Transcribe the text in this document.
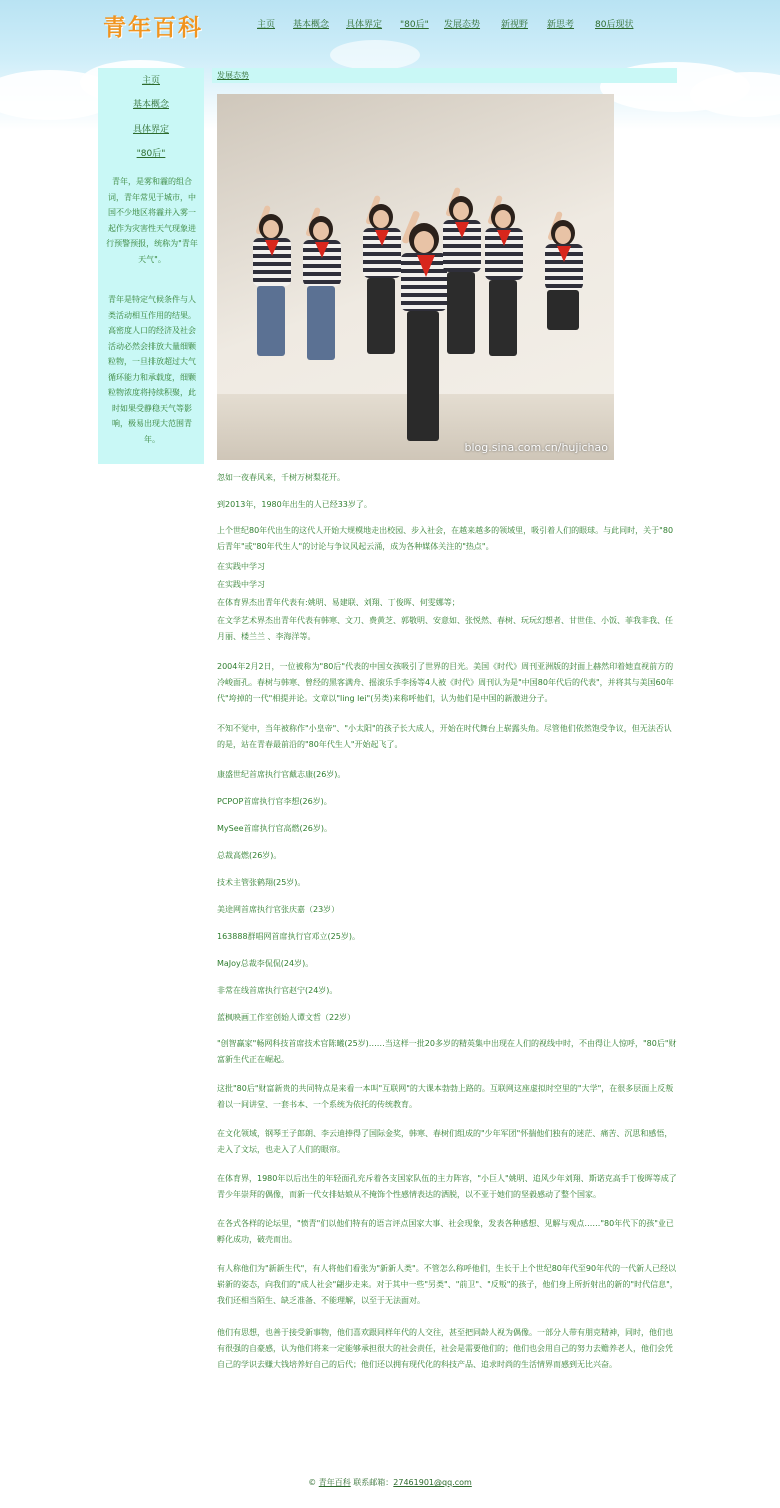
青年百科	主页 基本概念 具体界定 "80后" 发展态势 新视野 新思考 80后现状
主页
基本概念
具体界定
"80后"

青年，是雾和霾的组合词，青年常见于城市，中国不少地区将霾并入雾一起作为灾害性天气现象进行预警预报，统称为"青年天气"。

青年是特定气候条件与人类活动相互作用的结果。高密度人口的经济及社会活动必然会排放大量细颗粒物，一旦排放超过大气循环能力和承载度，细颗粒物浓度将持续积聚，此时如果受静稳天气等影响，极易出现大范围青年。

发展态势
blog.sina.com.cn/hujichao

忽如一夜春风来，千树万树梨花开。

到2013年，1980年出生的人已经33岁了。

上个世纪80年代出生的这代人开始大规模地走出校园、步入社会，在越来越多的领域里，吸引着人们的眼球。与此同时，关于"80后青年"或"80年代生人"的讨论与争议风起云涌，成为各种媒体关注的"热点"。

在实践中学习

在实践中学习

在体育界杰出青年代表有:姚明、易建联、刘翔、丁俊晖、何雯娜等；

在文学艺术界杰出青年代表有韩寒、文刀、费黄芝、郭敬明、安意如、张悦然、春树、玩玩幻想者、甘世佳、小饭、菲我非我、任月丽、楼兰兰 、李海洋等。

2004年2月2日，一位被称为"80后"代表的中国女孩吸引了世界的目光。美国《时代》周刊亚洲版的封面上赫然印着她直视前方的冷峻面孔。春树与韩寒、曾经的黑客满舟、摇滚乐手李扬等4人被《时代》周刊认为是"中国80年代后的代表"，并将其与美国60年代"垮掉的一代"相提并论。文章以"ling lei"(另类)来称呼他们，认为他们是中国的新激进分子。

不知不觉中，当年被称作"小皇帝"、"小太阳"的孩子长大成人，开始在时代舞台上崭露头角。尽管他们依然饱受争议，但无法否认的是，站在青春最前沿的"80年代生人"开始起飞了。

康盛世纪首席执行官戴志康(26岁)。

PCPOP首席执行官李想(26岁)。

MySee首席执行官高燃(26岁)。

总裁高燃(26岁)。

技术主管张鹤翔(25岁)。

美途网首席执行官张庆嘉（23岁）

163888群唱网首席执行官邓立(25岁)。

MaJoy总裁李侃侃(24岁)。

非常在线首席执行官赵宁(24岁)。

蓝枫映画工作室创始人谭文哲（22岁）

"创智赢家"畅网科技首席技术官陈曦(25岁)……当这样一批20多岁的精英集中出现在人们的视线中时，不由得让人惊呼，"80后"财富新生代正在崛起。

这批"80后"财富新贵的共同特点是来看一本叫"互联网"的大课本勃勃上路的。互联网这座虚拟时空里的"大学"，在很多层面上反叛着以一间讲堂、一套书本、一个系统为依托的传统教育。

在文化领域，钢琴王子郎朗、李云迪捧得了国际金奖，韩寒、春树们组成的"少年军团"怀揣他们独有的迷茫、痛苦、沉思和感悟，走入了文坛，也走入了人们的眼帘。

在体育界，1980年以后出生的年轻面孔充斥着各支国家队伍的主力阵容，"小巨人"姚明、追风少年刘翔、斯诺克高手丁俊晖等成了青少年崇拜的偶像，而新一代女排姑娘从不掩饰个性感情表达的洒脱，以不亚于她们的坚毅感动了整个国家。

在各式各样的论坛里，"愤青"们以他们特有的语言评点国家大事、社会现象，发表各种感想、见解与观点……"80年代下的孩"业已孵化成功，破壳而出。

有人称他们为"新新生代"，有人将他们看张为"新新人类"。不管怎么称呼他们，生长于上个世纪80年代至90年代的一代新人已经以崭新的姿态，向我们的"成人社会"翩步走来。对于其中一些"另类"、"前卫"、"反叛"的孩子，他们身上所折射出的新的"时代信息"，我们还相当陌生、缺乏准备、不能理解，以至于无法面对。

他们有思想，也善于接受新事物，他们喜欢跟同样年代的人交往，甚至把同龄人视为偶像。一部分人带有朋克精神，同时，他们也有很强的自豪感，认为他们将来一定能够承担很大的社会责任，社会是需要他们的；他们也会用自己的努力去赡养老人，他们会凭自己的学识去赚大钱培养好自己的后代；他们还以拥有现代化的科技产品、追求时尚的生活情界而感到无比兴奋。

© 青年百科 联系邮箱：27461901@qq.com
